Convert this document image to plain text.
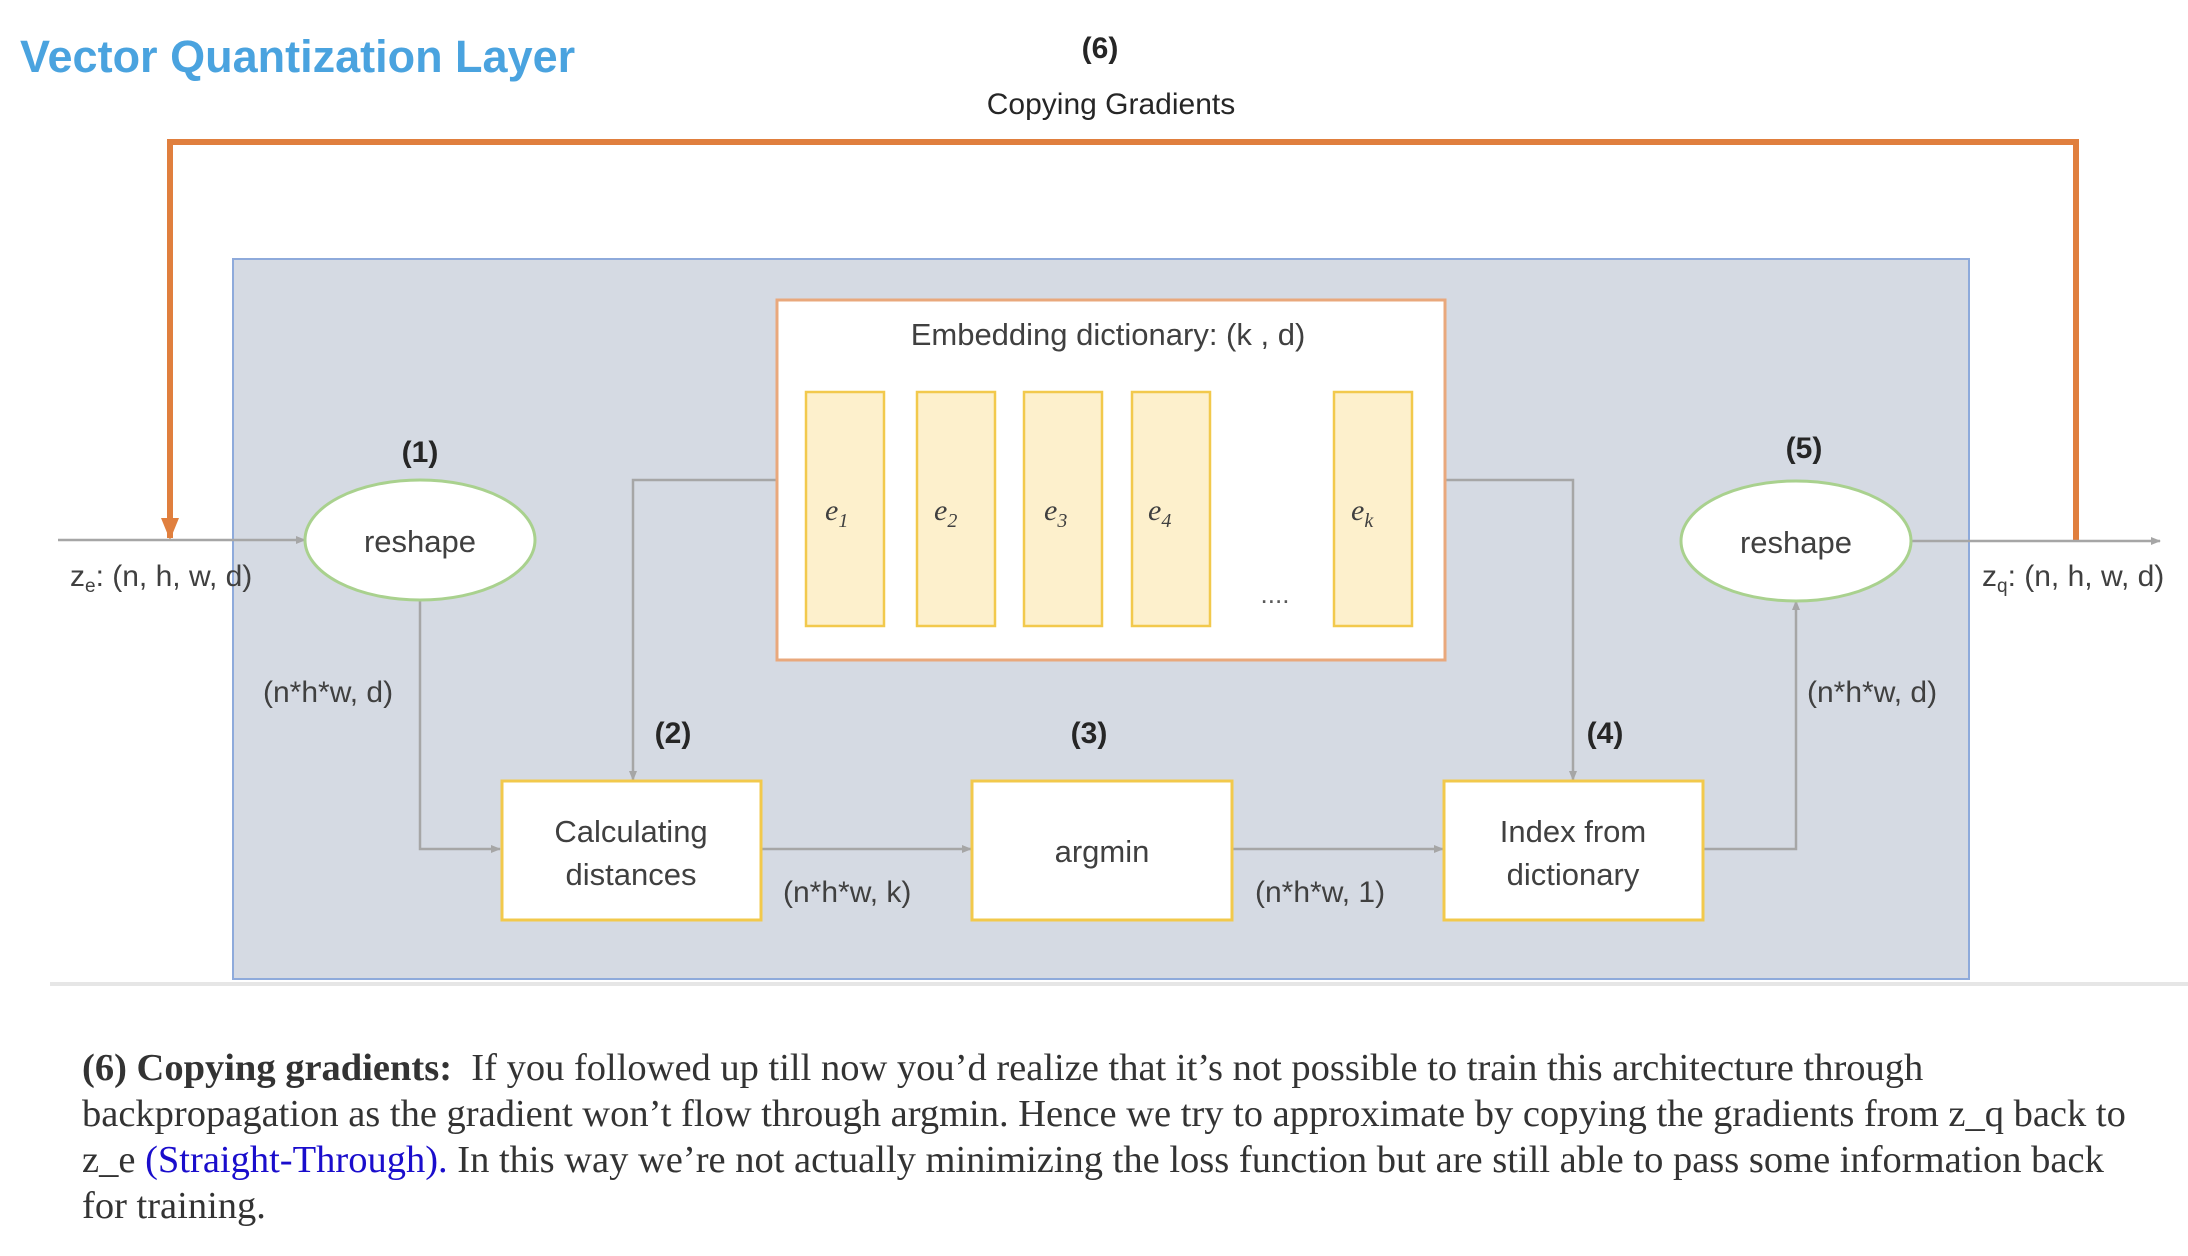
Vector Quantization Layer	(6)
Copying Gradients
reshape
(1)
reshape
(5)
$z_e$: (n, h, w, d)	$z_q$: (n, h, w, d)
(n*h*w, d)	(n*h*w, d)
(n*h*w, k)	(n*h*w, 1)
Embedding dictionary: (k , d)
$e_1$	$e_2$	$e_3$	$e_4$	$e_k$
....
Calculating
distances
(2)
argmin
(3)
Index from
dictionary
(4)
(6) Copying gradients: If you followed up till now you’d realize that it’s not possible to train this architecture through backpropagation as the gradient won’t flow through argmin. Hence we try to approximate by copying the gradients from z_q back to z_e (Straight-Through). In this way we’re not actually minimizing the loss function but are still able to pass some information back for training.
